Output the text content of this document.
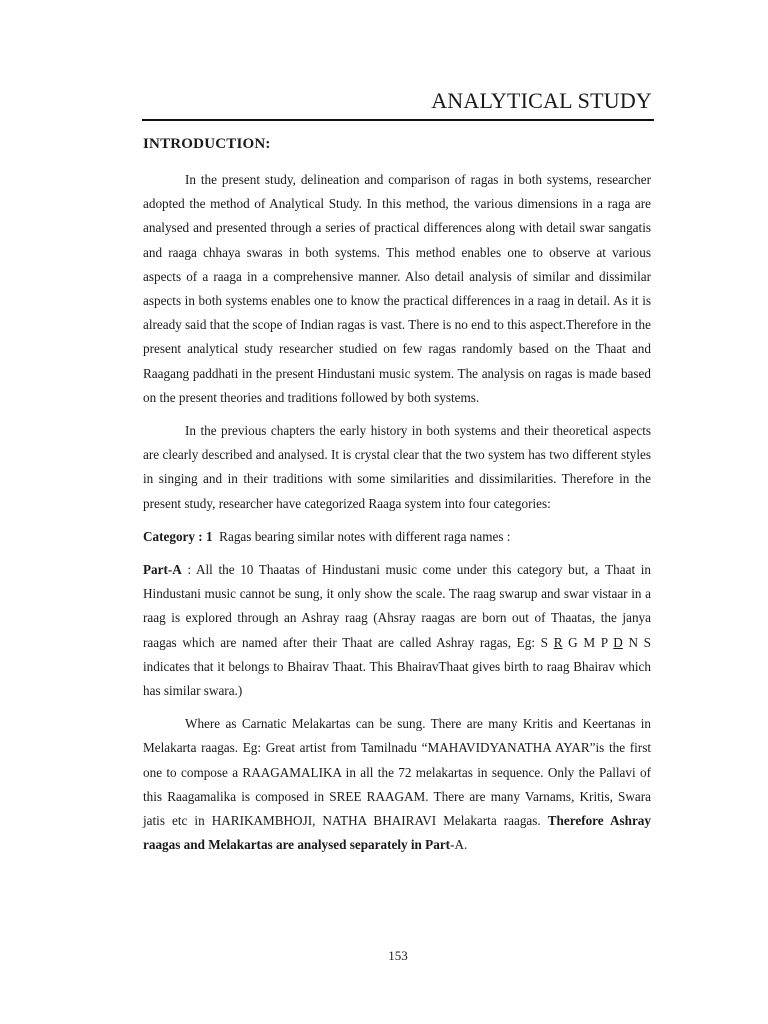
ANALYTICAL STUDY
INTRODUCTION:

In the present study, delineation and comparison of ragas in both systems, researcher adopted the method of Analytical Study. In this method, the various dimensions in a raga are analysed and presented through a series of practical differences along with detail swar sangatis and raaga chhaya swaras in both systems. This method enables one to observe at various aspects of a raaga in a comprehensive manner. Also detail analysis of similar and dissimilar aspects in both systems enables one to know the practical differences in a raag in detail. As it is already said that the scope of Indian ragas is vast. There is no end to this aspect.Therefore in the present analytical study researcher studied on few ragas randomly based on the Thaat and Raagang paddhati in the present Hindustani music system. The analysis on ragas is made based on the present theories and traditions followed by both systems.

In the previous chapters the early history in both systems and their theoretical aspects are clearly described and analysed. It is crystal clear that the two system has two different styles in singing and in their traditions with some similarities and dissimilarities. Therefore in the present study, researcher have categorized Raaga system into four categories:

Category : 1 Ragas bearing similar notes with different raga names :

Part-A : All the 10 Thaatas of Hindustani music come under this category but, a Thaat in Hindustani music cannot be sung, it only show the scale. The raag swarup and swar vistaar in a raag is explored through an Ashray raag (Ahsray raagas are born out of Thaatas, the janya raagas which are named after their Thaat are called Ashray ragas, Eg: S R G M P D N S indicates that it belongs to Bhairav Thaat. This BhairavThaat gives birth to raag Bhairav which has similar swara.)

Where as Carnatic Melakartas can be sung. There are many Kritis and Keertanas in Melakarta raagas. Eg: Great artist from Tamilnadu “MAHAVIDYANATHA AYAR”is the first one to compose a RAAGAMALIKA in all the 72 melakartas in sequence. Only the Pallavi of this Raagamalika is composed in SREE RAAGAM. There are many Varnams, Kritis, Swara jatis etc in HARIKAMBHOJI, NATHA BHAIRAVI Melakarta raagas. Therefore Ashray raagas and Melakartas are analysed separately in Part-A.

153
